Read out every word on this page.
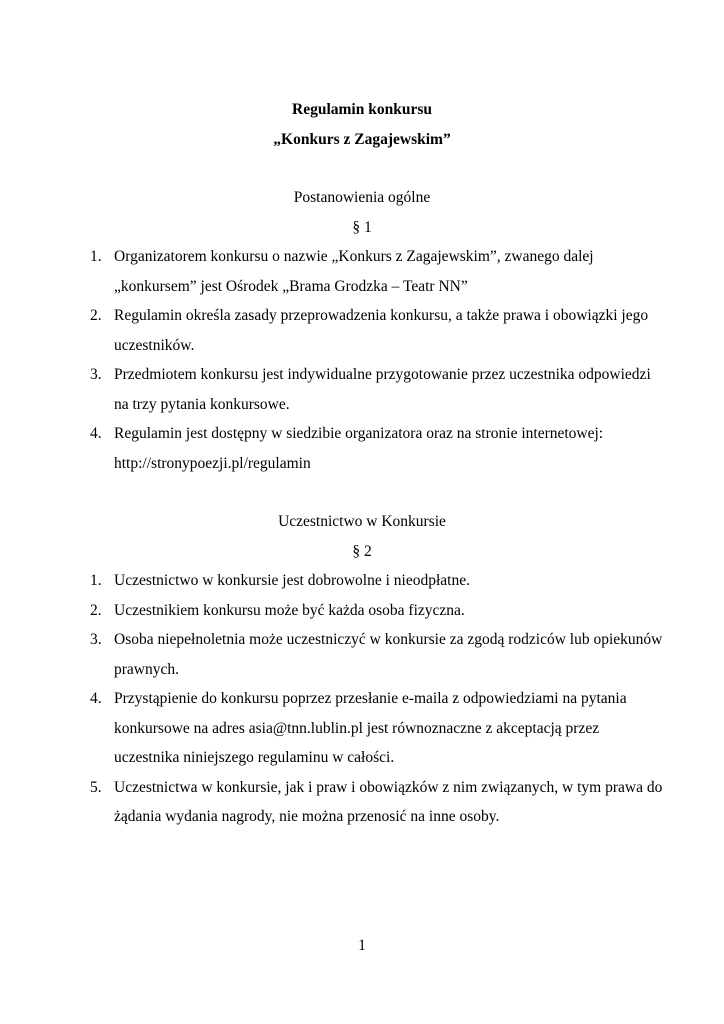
Regulamin konkursu
„Konkurs z Zagajewskim”
Postanowienia ogólne
§ 1
1. Organizatorem konkursu o nazwie „Konkurs z Zagajewskim”, zwanego dalej „konkursem” jest Ośrodek „Brama Grodzka – Teatr NN”
2. Regulamin określa zasady przeprowadzenia konkursu, a także prawa i obowiązki jego uczestników.
3. Przedmiotem konkursu jest indywidualne przygotowanie przez uczestnika odpowiedzi na trzy pytania konkursowe.
4. Regulamin jest dostępny w siedzibie organizatora oraz na stronie internetowej: http://stronypoezji.pl/regulamin
Uczestnictwo w Konkursie
§ 2
1. Uczestnictwo w konkursie jest dobrowolne i nieodpłatne.
2. Uczestnikiem konkursu może być każda osoba fizyczna.
3. Osoba niepełnoletnia może uczestniczyć w konkursie za zgodą rodziców lub opiekunów prawnych.
4. Przystąpienie do konkursu poprzez przesłanie e-maila z odpowiedziami na pytania konkursowe na adres asia@tnn.lublin.pl jest równoznaczne z akceptacją przez uczestnika niniejszego regulaminu w całości.
5. Uczestnictwa w konkursie, jak i praw i obowiązków z nim związanych, w tym prawa do żądania wydania nagrody, nie można przenosić na inne osoby.
1
